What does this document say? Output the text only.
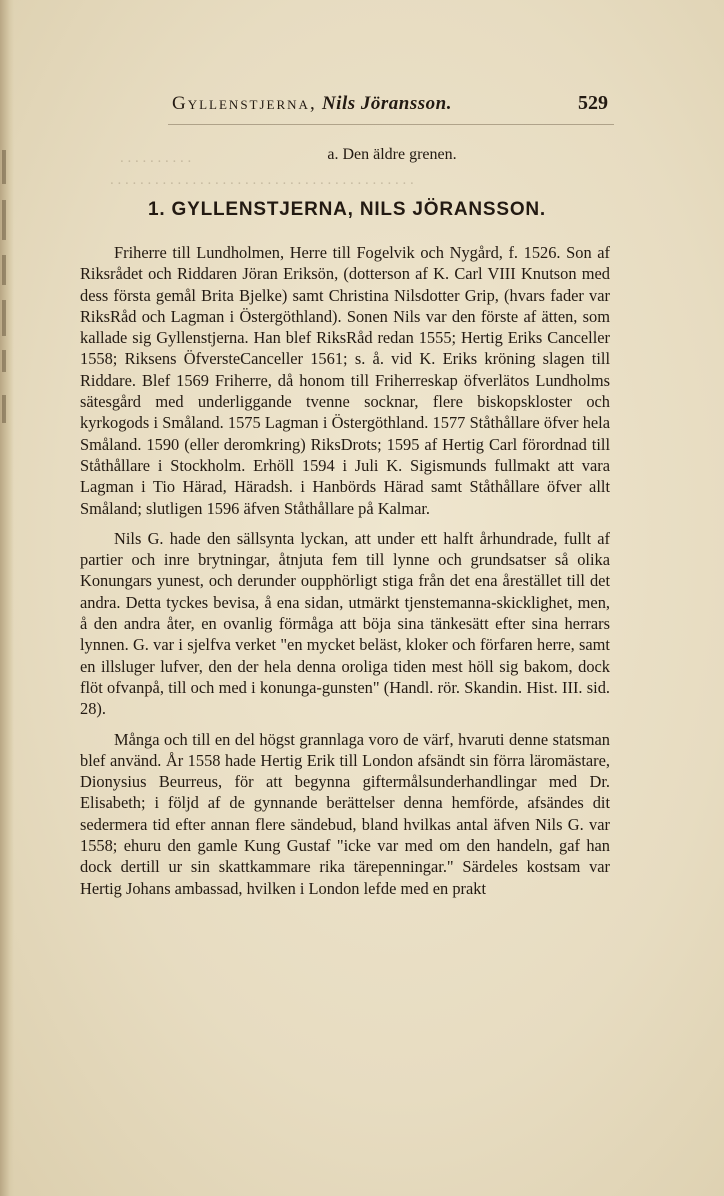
. . . . . . . . . .
. . . . . . . . . . . . . . . . . . . . . . . . . . . . . . . . . . . . . . . . .
Gyllenstjerna, Nils Jöransson.	529
a. Den äldre grenen.
1. GYLLENSTJERNA, NILS JÖRANSSON.

Friherre till Lundholmen, Herre till Fogelvik och Nygård, f. 1526. Son af Riksrådet och Riddaren Jöran Eriksön, (dotterson af K. Carl VIII Knutson med dess första gemål Brita Bjelke) samt Christina Nilsdotter Grip, (hvars fader var RiksRåd och Lagman i Östergöthland). Sonen Nils var den förste af ätten, som kallade sig Gyllenstjerna. Han blef RiksRåd redan 1555; Hertig Eriks Canceller 1558; Riksens ÖfversteCanceller 1561; s. å. vid K. Eriks kröning slagen till Riddare. Blef 1569 Friherre, då honom till Friherreskap öfverlätos Lundholms sätesgård med underliggande tvenne socknar, flere biskopskloster och kyrkogods i Småland. 1575 Lagman i Östergöthland. 1577 Ståthållare öfver hela Småland. 1590 (eller deromkring) RiksDrots; 1595 af Hertig Carl förordnad till Ståthållare i Stockholm. Erhöll 1594 i Juli K. Sigismunds fullmakt att vara Lagman i Tio Härad, Häradsh. i Hanbörds Härad samt Ståthållare öfver allt Småland; slutligen 1596 äfven Ståthållare på Kalmar.

Nils G. hade den sällsynta lyckan, att under ett halft århundrade, fullt af partier och inre brytningar, åtnjuta fem till lynne och grundsatser så olika Konungars yunest, och derunder oupphörligt stiga från det ena årestället till det andra. Detta tyckes bevisa, å ena sidan, utmärkt tjenstemanna-skicklighet, men, å den andra åter, en ovanlig förmåga att böja sina tänkesätt efter sina herrars lynnen. G. var i sjelfva verket "en mycket beläst, kloker och förfaren herre, samt en illsluger lufver, den der hela denna oroliga tiden mest höll sig bakom, dock flöt ofvanpå, till och med i konunga-gunsten" (Handl. rör. Skandin. Hist. III. sid. 28).

Många och till en del högst grannlaga voro de värf, hvaruti denne statsman blef använd. År 1558 hade Hertig Erik till London afsändt sin förra läromästare, Dionysius Beurreus, för att begynna giftermålsunderhandlingar med Dr. Elisabeth; i följd af de gynnande berättelser denna hemförde, afsändes dit sedermera tid efter annan flere sändebud, bland hvilkas antal äfven Nils G. var 1558; ehuru den gamle Kung Gustaf "icke var med om den handeln, gaf han dock dertill ur sin skattkammare rika tärepenningar." Särdeles kostsam var Hertig Johans ambassad, hvilken i London lefde med en prakt
